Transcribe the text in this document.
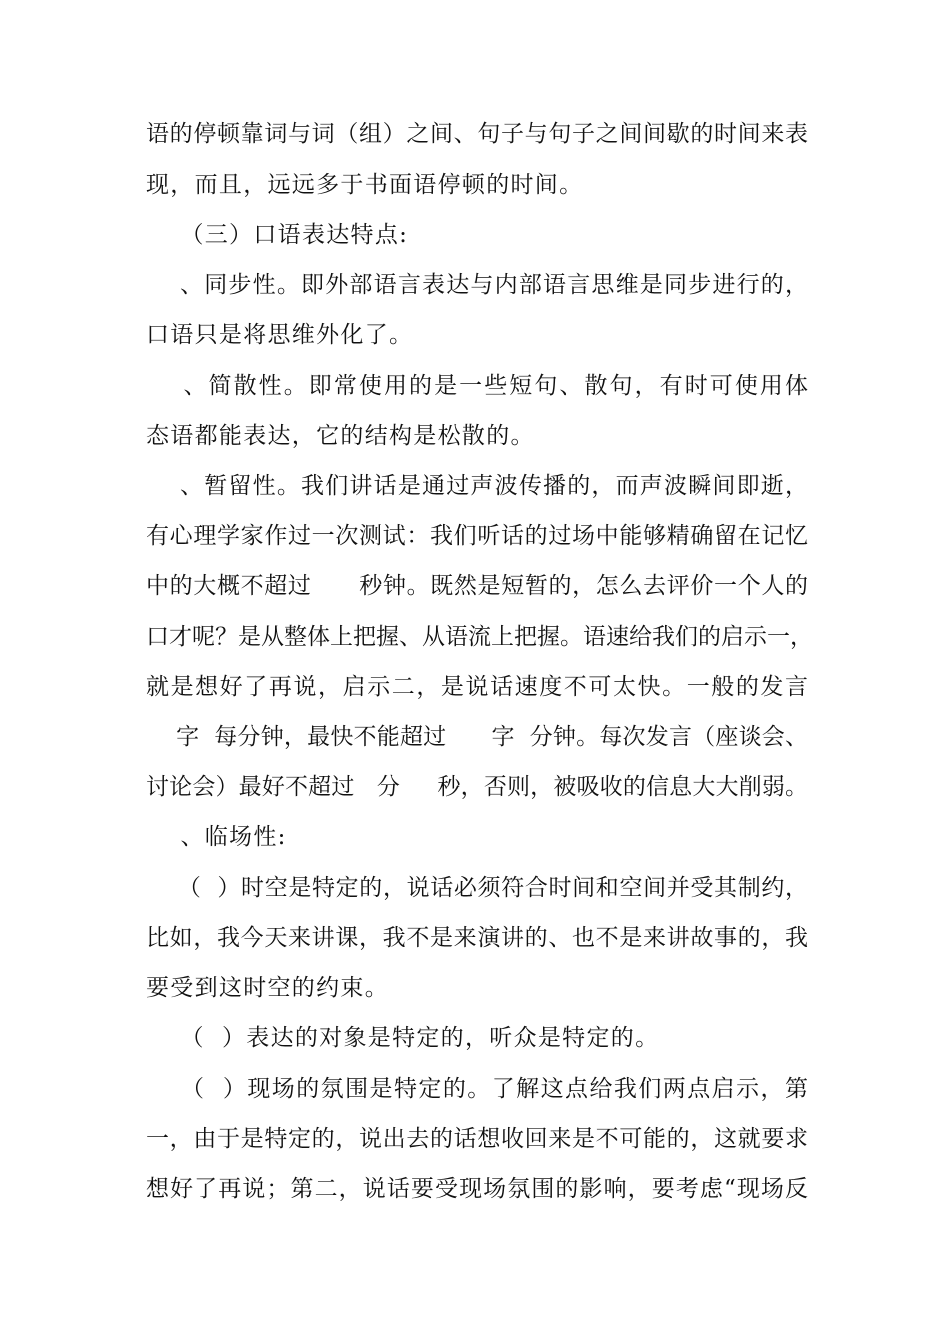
语的停顿靠词与词（组）之间、句子与句子之间间歇的时间来表
现，而且，远远多于书面语停顿的时间。
（三）口语表达特点:
、同步性。即外部语言表达与内部语言思维是同步进行的，
口语只是将思维外化了。
、简散性。即常使用的是一些短句、散句，有时可使用体
态语都能表达，它的结构是松散的。
、暂留性。我们讲话是通过声波传播的，而声波瞬间即逝，
有心理学家作过一次测试：我们听话的过场中能够精确留在记忆
中的大概不超过      秒钟。既然是短暂的，怎么去评价一个人的
口才呢？是从整体上把握、从语流上把握。语速给我们的启示一，
就是想好了再说，启示二，是说话速度不可太快。一般的发言
字  每分钟，最快不能超过      字  分钟。每次发言（座谈会、
讨论会）最好不超过   分     秒，否则，被吸收的信息大大削弱。
、临场性:
（  ）时空是特定的，说话必须符合时间和空间并受其制约，
比如，我今天来讲课，我不是来演讲的、也不是来讲故事的，我
要受到这时空的约束。
（  ）表达的对象是特定的，听众是特定的。
（  ）现场的氛围是特定的。了解这点给我们两点启示，第
一，由于是特定的，说出去的话想收回来是不可能的，这就要求
想好了再说；第二，说话要受现场氛围的影响，要考虑“现场反
